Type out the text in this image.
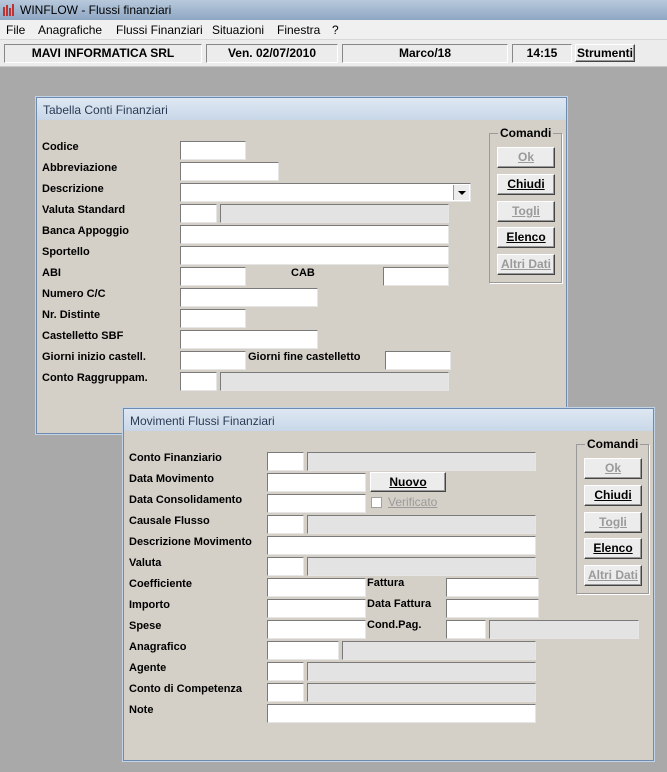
WINFLOW - Flussi finanziari
File Anagrafiche Flussi Finanziari Situazioni Finestra ?
MAVI INFORMATICA SRL	Ven. 02/07/2010	Marco/18	14:15	Strumenti
Tabella Conti Finanziari
Codice
Abbreviazione
Descrizione
Valuta Standard
Banca Appoggio
Sportello
ABI	CAB
Numero C/C
Nr. Distinte
Castelletto SBF
Giorni inizio castell.	Giorni fine castelletto
Conto Raggruppam.
Comandi
Ok
Chiudi
Togli
Elenco
Altri Dati
Movimenti Flussi Finanziari
Conto Finanziario
Data Movimento	Nuovo
Data Consolidamento	Verificato
Causale Flusso
Descrizione Movimento
Valuta
Coefficiente	Fattura
Importo	Data Fattura
Spese	Cond.Pag.
Anagrafico
Agente
Conto di Competenza
Note
Comandi
Ok
Chiudi
Togli
Elenco
Altri Dati
